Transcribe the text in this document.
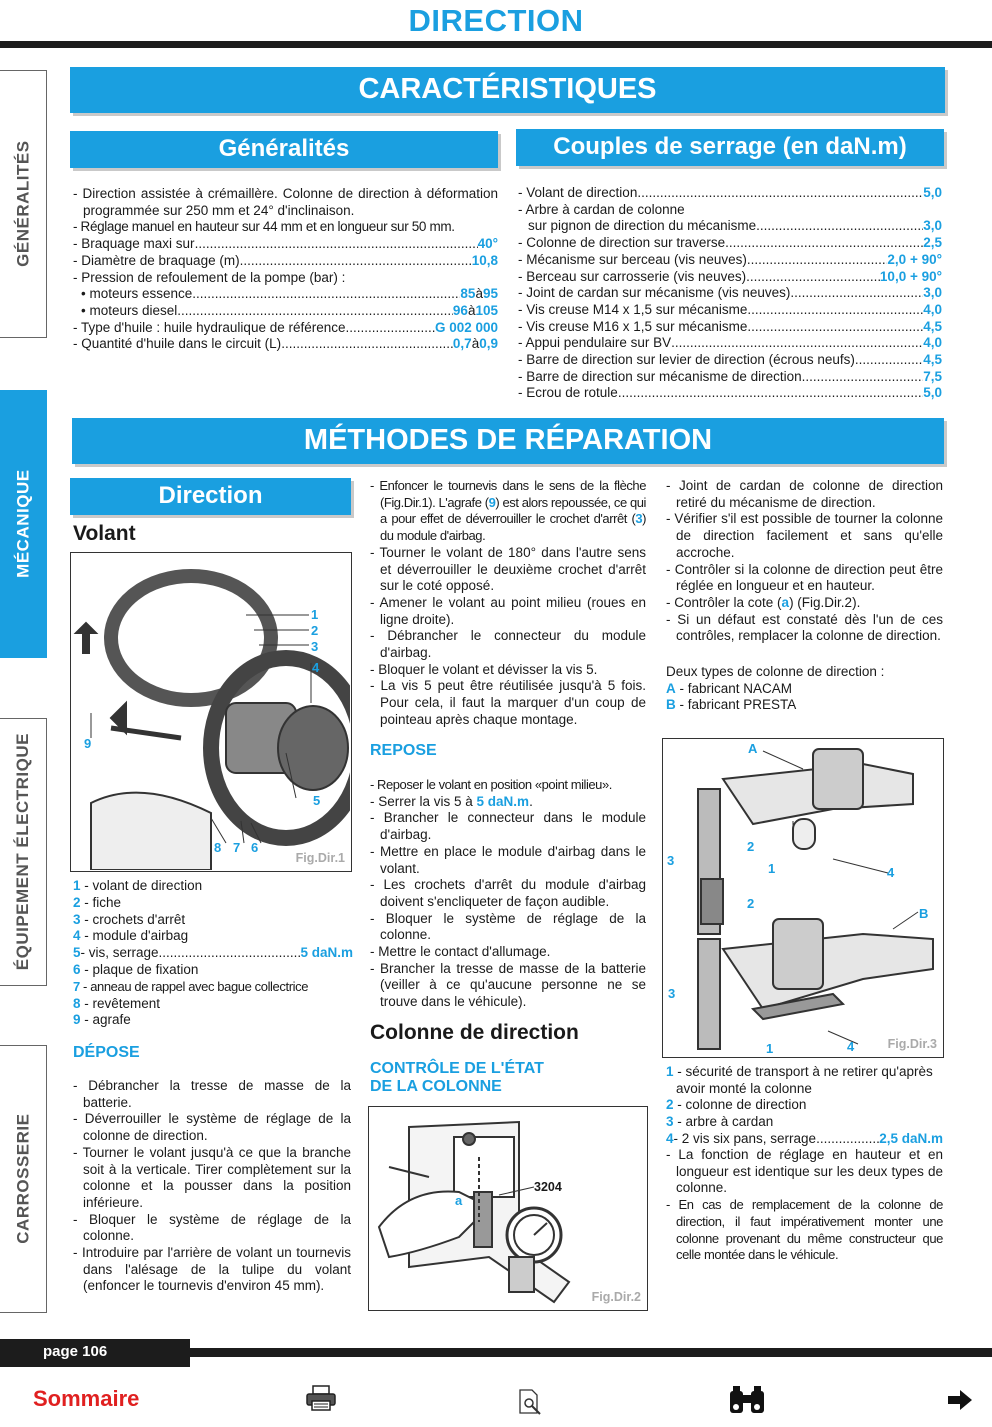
DIRECTION
GÉNÉRALITÉS
MÉCANIQUE
ÉQUIPEMENT ÉLECTRIQUE
CARROSSERIE
CARACTÉRISTIQUES
Généralités	Couples de serrage (en daN.m)
- Direction assistée à crémaillère. Colonne de direction à déformation programmée sur 250 mm et 24° d'inclinaison.
- Réglage manuel en hauteur sur 44 mm et en longueur sur 50 mm.
- Braquage maxi sur .....	40°
- Diamètre de braquage (m) .....	10,8
- Pression de refoulement de la pompe (bar) :
• moteurs essence .....	85 à 95
• moteurs diesel .....	96 à 105
- Type d'huile : huile hydraulique de référence .....	G 002 000
- Quantité d'huile dans le circuit (L) .....	0,7 à 0,9
- Volant de direction .....	5,0
- Arbre à cardan de colonne
sur pignon de direction du mécanisme .....	3,0
- Colonne de direction sur traverse .....	2,5
- Mécanisme sur berceau (vis neuves) .....	2,0 + 90°
- Berceau sur carrosserie (vis neuves) .....	10,0 + 90°
- Joint de cardan sur mécanisme (vis neuves) .....	3,0
- Vis creuse M14 x 1,5 sur mécanisme .....	4,0
- Vis creuse M16 x 1,5 sur mécanisme .....	4,5
- Appui pendulaire sur BV .....	4,0
- Barre de direction sur levier de direction (écrous neufs) .....	4,5
- Barre de direction sur mécanisme de direction .....	7,5
- Ecrou de rotule .....	5,0
MÉTHODES DE RÉPARATION
Direction
Volant
1
2
3
4
5
6
7
8
9
Fig.Dir.1
1 - volant de direction
2 - fiche
3 - crochets d'arrêt
4 - module d'airbag
5 - vis, serrage .....	5 daN.m
6 - plaque de fixation
7 - anneau de rappel avec bague collectrice
8 - revêtement
9 - agrafe
DÉPOSE
- Débrancher la tresse de masse de la batterie.
- Déverrouiller le système de réglage de la colonne de direction.
- Tourner le volant jusqu'à ce que la branche soit à la verticale. Tirer complètement sur la colonne et la pousser dans la position inférieure.
- Bloquer le système de réglage de la colonne.
- Introduire par l'arrière de volant un tournevis dans l'alésage de la tulipe du volant (enfoncer le tournevis d'environ 45 mm).
- Enfoncer le tournevis dans le sens de la flèche (Fig.Dir.1). L'agrafe (9) est alors repoussée, ce qui a pour effet de déverrouiller le crochet d'arrêt (3) du module d'airbag.
- Tourner le volant de 180° dans l'autre sens et déverrouiller le deuxième crochet d'arrêt sur le coté opposé.
- Amener le volant au point milieu (roues en ligne droite).
- Débrancher le connecteur du module d'airbag.
- Bloquer le volant et dévisser la vis 5.
- La vis 5 peut être réutilisée jusqu'à 5 fois. Pour cela, il faut la marquer d'un coup de pointeau après chaque montage.
REPOSE
- Reposer le volant en position «point milieu».
- Serrer la vis 5 à 5 daN.m.
- Brancher le connecteur dans le module d'airbag.
- Mettre en place le module d'airbag dans le volant.
- Les crochets d'arrêt du module d'airbag doivent s'encliqueter de façon audible.
- Bloquer le système de réglage de la colonne.
- Mettre le contact d'allumage.
- Brancher la tresse de masse de la batterie (veiller à ce qu'aucune personne ne se trouve dans le véhicule).
Colonne de direction
CONTRÔLE DE L'ÉTAT
DE LA COLONNE
a
3204
Fig.Dir.2
- Joint de cardan de colonne de direction retiré du mécanisme de direction.
- Vérifier s'il est possible de tourner la colonne de direction facilement et sans qu'elle accroche.
- Contrôler si la colonne de direction peut être réglée en longueur et en hauteur.
- Contrôler la cote (a) (Fig.Dir.2).
- Si un défaut est constaté dès l'un de ces contrôles, remplacer la colonne de direction.
Deux types de colonne de direction :
A - fabricant NACAM
B - fabricant PRESTA
A
2
1
3
4
2
B
3
1	4	Fig.Dir.3
1 - sécurité de transport à ne retirer qu'après avoir monté la colonne
2 - colonne de direction
3 - arbre à cardan
4 - 2 vis six pans, serrage .....	2,5 daN.m
- La fonction de réglage en hauteur et en longueur est identique sur les deux types de colonne.
- En cas de remplacement de la colonne de direction, il faut impérativement monter une colonne provenant du même constructeur que celle montée dans le véhicule.
page 106
Sommaire
